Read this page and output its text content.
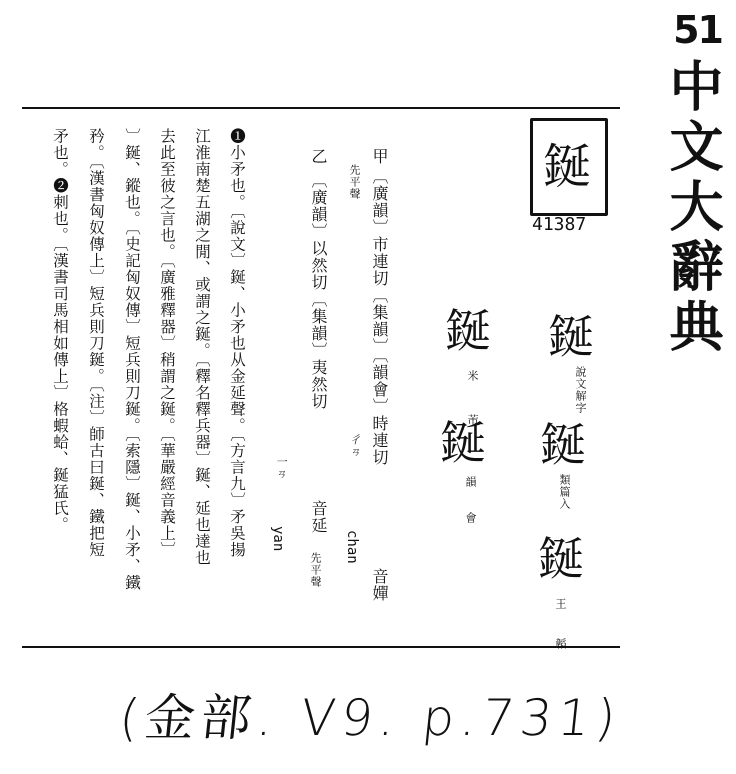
51
中文大辭典
鋋
41387
鋋
說文解字
鋋
類篇入
鋋
王 韜
鋋
米 芾
鋋
韻 會
甲
〔廣韻〕市連切〔集韻〕〔韻會〕時連切
音嬋
先平聲
彳ㄢ
chan
乙
〔廣韻〕以然切〔集韻〕夷然切
音延
先平聲
一ㄢ
yan
❶小矛也。〔說文〕鋋、小矛也从金延聲。〔方言九〕矛吳揚
江淮南楚五湖之閒、或謂之鋋。〔釋名釋兵器〕鋋、延也達也
去此至彼之言也。〔廣雅釋器〕稍謂之鋋。〔華嚴經音義上〕
〕鋋、鏦也。〔史記匈奴傳〕短兵則刀鋋。〔索隱〕鋋、小矛、鐵
矜。〔漢書匈奴傳上〕短兵則刀鋋。〔注〕師古曰鋋、鐵把短
矛也。❷刺也。〔漢書司馬相如傳上〕格蝦蛤、鋋猛氏。
(金部. V9. p.731)
